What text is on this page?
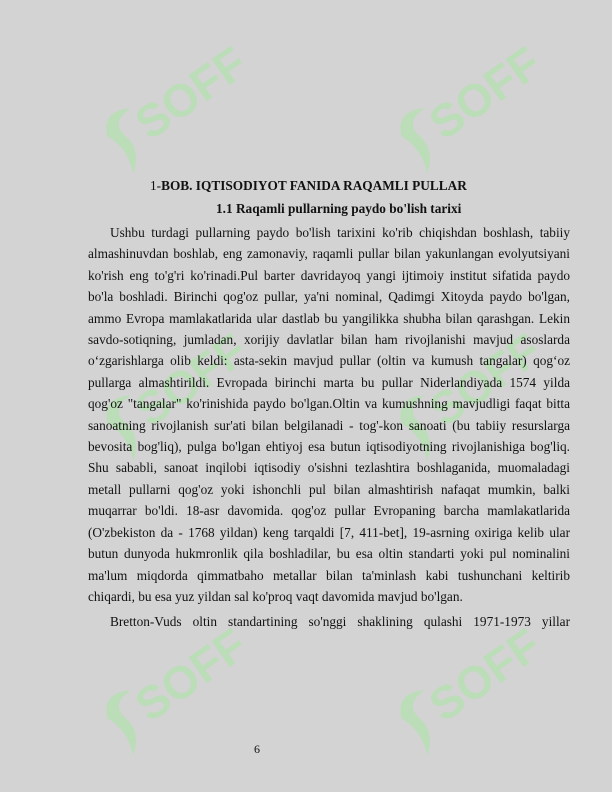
SOFF	SOFF
SOFF	SOFF
SOFF	SOFF

1-BOB. IQTISODIYOT FANIDA RAQAMLI PULLAR

1.1 Raqamli pullarning paydo bo'lish tarixi

Ushbu turdagi pullarning paydo bo'lish tarixini ko'rib chiqishdan boshlash, tabiiy almashinuvdan boshlab, eng zamonaviy, raqamli pullar bilan yakunlangan evolyutsiyani ko'rish eng to'g'ri ko'rinadi.Pul barter davridayoq yangi ijtimoiy institut sifatida paydo bo'la boshladi. Birinchi qog'oz pullar, ya'ni nominal, Qadimgi Xitoyda paydo bo'lgan, ammo Evropa mamlakatlarida ular dastlab bu yangilikka shubha bilan qarashgan. Lekin savdo-sotiqning, jumladan, xorijiy davlatlar bilan ham rivojlanishi mavjud asoslarda o‘zgarishlarga olib keldi: asta-sekin mavjud pullar (oltin va kumush tangalar) qog‘oz pullarga almashtirildi. Evropada birinchi marta bu pullar Niderlandiyada 1574 yilda qog'oz "tangalar" ko'rinishida paydo bo'lgan.Oltin va kumushning mavjudligi faqat bitta sanoatning rivojlanish sur'ati bilan belgilanadi - tog'-kon sanoati (bu tabiiy resurslarga bevosita bog'liq), pulga bo'lgan ehtiyoj esa butun iqtisodiyotning rivojlanishiga bog'liq. Shu sababli, sanoat inqilobi iqtisodiy o'sishni tezlashtira boshlaganida, muomaladagi metall pullarni qog'oz yoki ishonchli pul bilan almashtirish nafaqat mumkin, balki muqarrar bo'ldi. 18-asr davomida. qog'oz pullar Evropaning barcha mamlakatlarida (O'zbekiston da - 1768 yildan) keng tarqaldi [7, 411-bet], 19-asrning oxiriga kelib ular butun dunyoda hukmronlik qila boshladilar, bu esa oltin standarti yoki pul nominalini ma'lum miqdorda qimmatbaho metallar bilan ta'minlash kabi tushunchani keltirib chiqardi, bu esa yuz yildan sal ko'proq vaqt davomida mavjud bo'lgan.

Bretton-Vuds oltin standartining so'nggi shaklining qulashi 1971-1973 yillar

6
